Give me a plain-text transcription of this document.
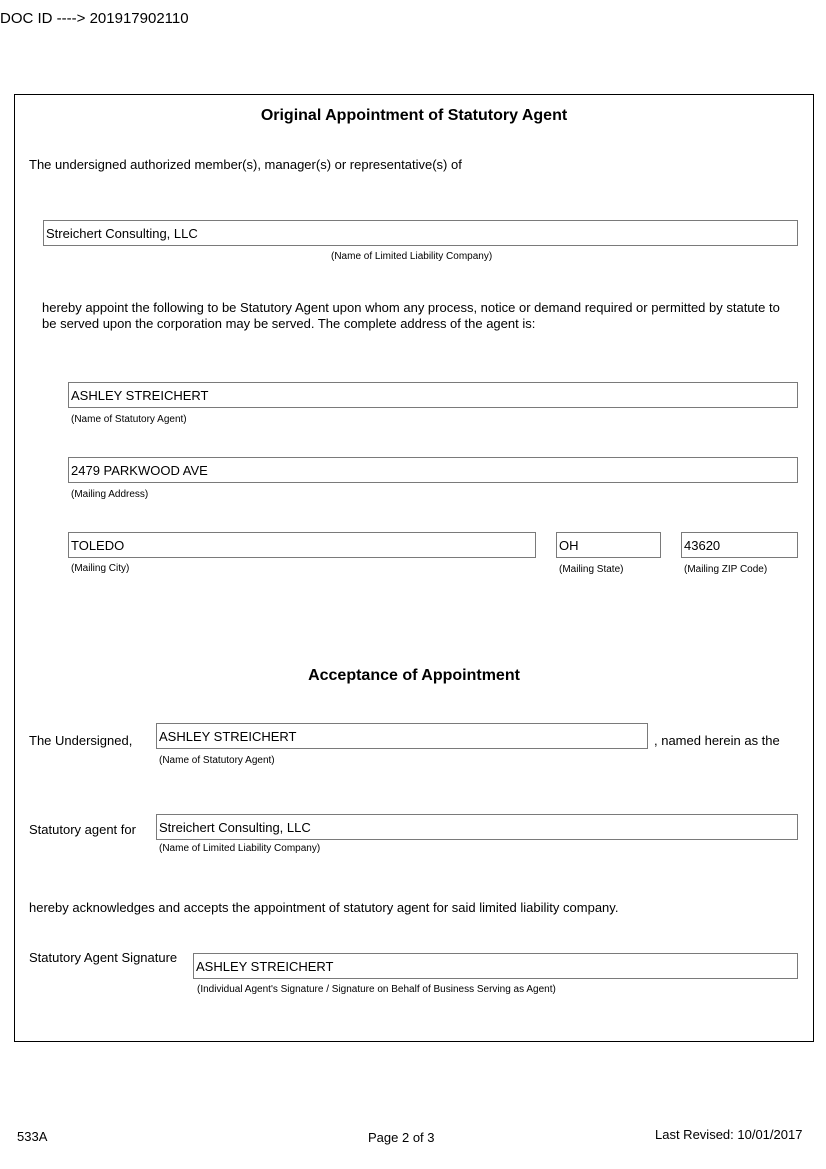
DOC ID ----> 201917902110
Original Appointment of Statutory Agent
The undersigned authorized member(s), manager(s) or representative(s) of
Streichert Consulting, LLC
(Name of Limited Liability Company)
hereby appoint the following to be Statutory Agent upon whom any process, notice or demand required or permitted by statute to be served upon the corporation may be served. The complete address of the agent is:
ASHLEY STREICHERT
(Name of Statutory Agent)
2479 PARKWOOD AVE
(Mailing Address)
TOLEDO
(Mailing City)
OH
(Mailing State)
43620
(Mailing ZIP Code)
Acceptance of Appointment
The Undersigned, ASHLEY STREICHERT	, named herein as the
(Name of Statutory Agent)
Statutory agent for Streichert Consulting, LLC
(Name of Limited Liability Company)
hereby acknowledges and accepts the appointment of statutory agent for said limited liability company.
Statutory Agent Signature
ASHLEY STREICHERT
(Individual Agent's Signature / Signature on Behalf of Business Serving as Agent)
533A	Page 2 of 3	Last Revised: 10/01/2017
